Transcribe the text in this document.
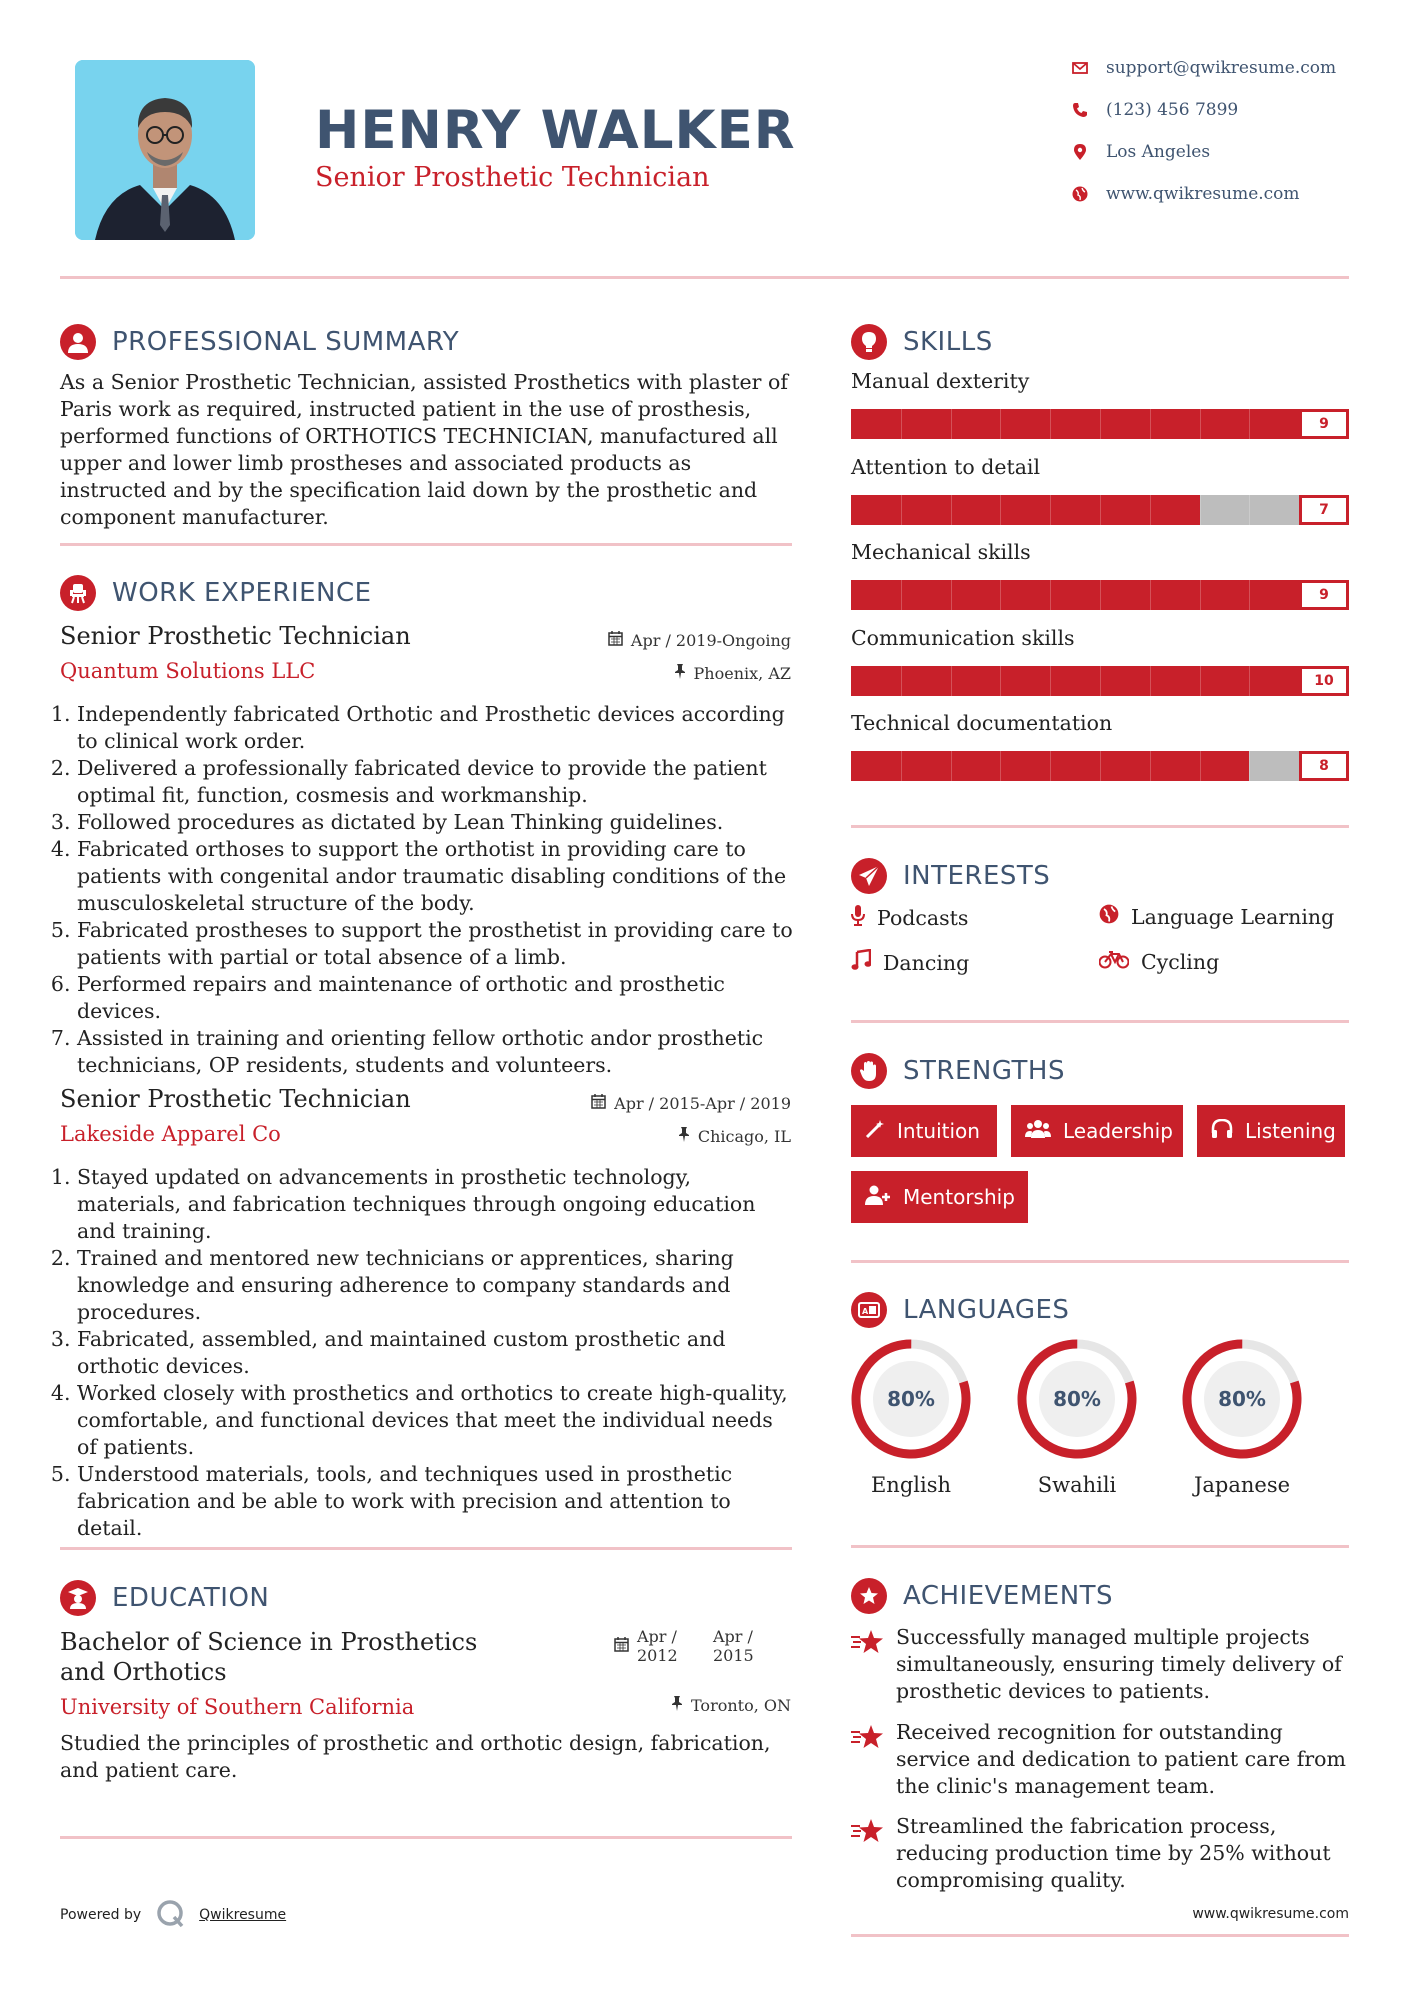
HENRY WALKER
Senior Prosthetic Technician
support@qwikresume.com
(123) 456 7899
Los Angeles
www.qwikresume.com
PROFESSIONAL SUMMARY
As a Senior Prosthetic Technician, assisted Prosthetics with plaster of Paris work as required, instructed patient in the use of prosthesis, performed functions of ORTHOTICS TECHNICIAN, manufactured all upper and lower limb prostheses and associated products as instructed and by the specification laid down by the prosthetic and component manufacturer.
WORK EXPERIENCE
Senior Prosthetic Technician	Apr / 2019-Ongoing
Quantum Solutions LLC	Phoenix, AZ
1. Independently fabricated Orthotic and Prosthetic devices according to clinical work order.
2. Delivered a professionally fabricated device to provide the patient optimal fit, function, cosmesis and workmanship.
3. Followed procedures as dictated by Lean Thinking guidelines.
4. Fabricated orthoses to support the orthotist in providing care to patients with congenital andor traumatic disabling conditions of the musculoskeletal structure of the body.
5. Fabricated prostheses to support the prosthetist in providing care to patients with partial or total absence of a limb.
6. Performed repairs and maintenance of orthotic and prosthetic devices.
7. Assisted in training and orienting fellow orthotic andor prosthetic technicians, OP residents, students and volunteers.
Senior Prosthetic Technician	Apr / 2015-Apr / 2019
Lakeside Apparel Co	Chicago, IL
1. Stayed updated on advancements in prosthetic technology, materials, and fabrication techniques through ongoing education and training.
2. Trained and mentored new technicians or apprentices, sharing knowledge and ensuring adherence to company standards and procedures.
3. Fabricated, assembled, and maintained custom prosthetic and orthotic devices.
4. Worked closely with prosthetics and orthotics to create high-quality, comfortable, and functional devices that meet the individual needs of patients.
5. Understood materials, tools, and techniques used in prosthetic fabrication and be able to work with precision and attention to detail.
EDUCATION
Bachelor of Science in Prosthetics and Orthotics
Apr / 2012
Apr / 2015
University of Southern California	Toronto, ON
Studied the principles of prosthetic and orthotic design, fabrication, and patient care.
Powered by	Qwikresume
SKILLS
Manual dexterity
9
Attention to detail
7
Mechanical skills
9
Communication skills
10
Technical documentation
8
INTERESTS
Podcasts	Language Learning
Dancing	Cycling
STRENGTHS
Intuition	Leadership	Listening
Mentorship
A LANGUAGES
80%
English
80%
Swahili
80%
Japanese
ACHIEVEMENTS
Successfully managed multiple projects simultaneously, ensuring timely delivery of prosthetic devices to patients.
Received recognition for outstanding service and dedication to patient care from the clinic's management team.
Streamlined the fabrication process, reducing production time by 25% without compromising quality.
www.qwikresume.com
